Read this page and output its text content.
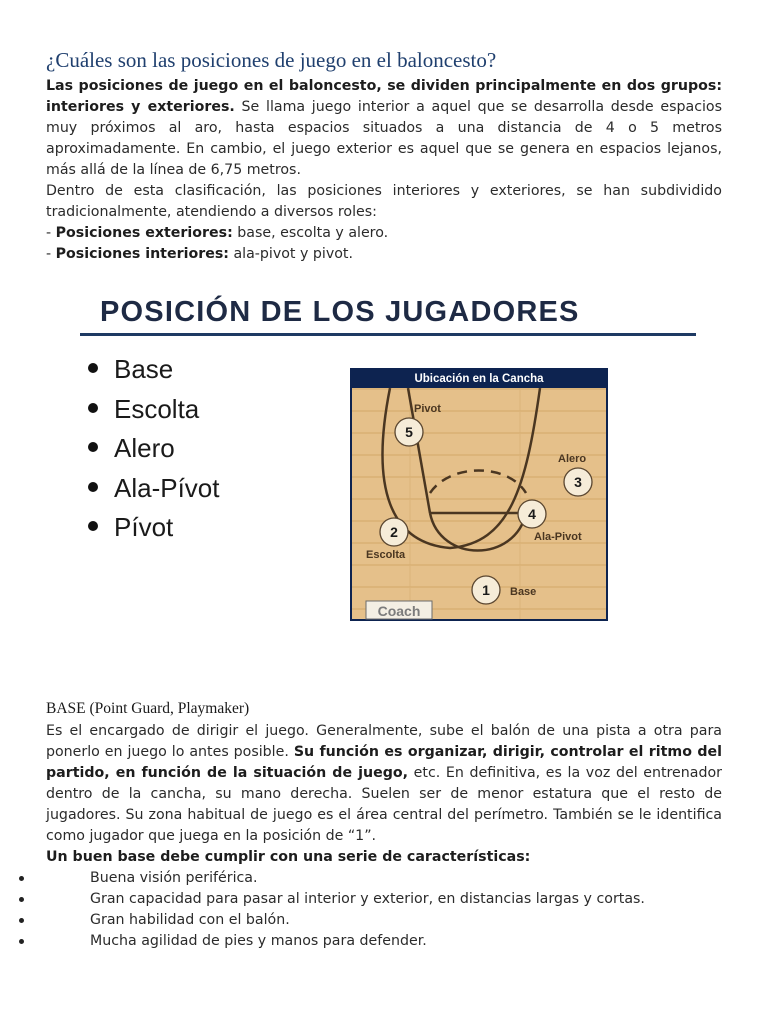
¿Cuáles son las posiciones de juego en el baloncesto?
Las posiciones de juego en el baloncesto, se dividen principalmente en dos grupos: interiores y exteriores. Se llama juego interior a aquel que se desarrolla desde espacios muy próximos al aro, hasta espacios situados a una distancia de 4 o 5 metros aproximadamente. En cambio, el juego exterior es aquel que se genera en espacios lejanos, más allá de la línea de 6,75 metros.
Dentro de esta clasificación, las posiciones interiores y exteriores, se han subdividido tradicionalmente, atendiendo a diversos roles:
- Posiciones exteriores: base, escolta y alero.
- Posiciones interiores: ala-pivot y pivot.
POSICIÓN DE LOS JUGADORES
Base
Escolta
Alero
Ala-Pívot
Pívot
Ubicación en la Cancha
Pivot
5
Alero
3
4
Ala-Pivot
2
Escolta
1 Base
Coach
BASE (Point Guard, Playmaker)
Es el encargado de dirigir el juego. Generalmente, sube el balón de una pista a otra para ponerlo en juego lo antes posible. Su función es organizar, dirigir, controlar el ritmo del partido, en función de la situación de juego, etc. En definitiva, es la voz del entrenador dentro de la cancha, su mano derecha. Suelen ser de menor estatura que el resto de jugadores. Su zona habitual de juego es el área central del perímetro. También se le identifica como jugador que juega en la posición de “1”.
Un buen base debe cumplir con una serie de características:
Buena visión periférica.
Gran capacidad para pasar al interior y exterior, en distancias largas y cortas.
Gran habilidad con el balón.
Mucha agilidad de pies y manos para defender.
